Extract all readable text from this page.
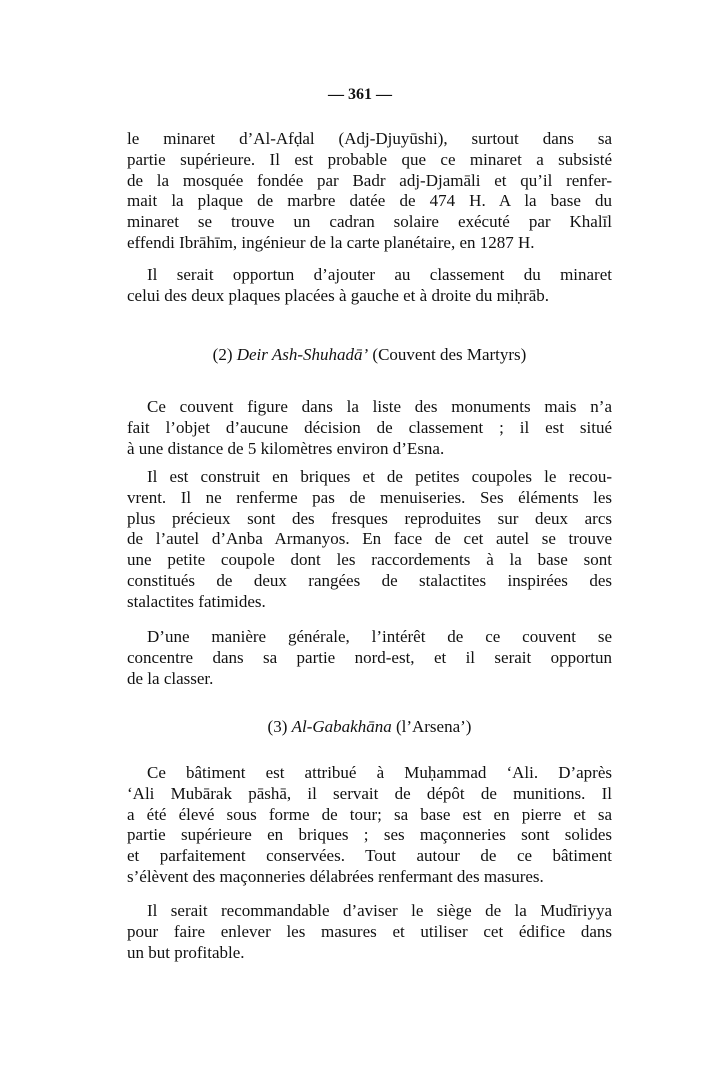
— 361 —
le minaret d’Al-Afḍal (Adj-Djuyūshi), surtout dans sa
partie supérieure. Il est probable que ce minaret a subsisté
de la mosquée fondée par Badr adj-Djamāli et qu’il renfer-
mait la plaque de marbre datée de 474 H. A la base du
minaret se trouve un cadran solaire exécuté par Khalīl
effendi Ibrāhīm, ingénieur de la carte planétaire, en 1287 H.
Il serait opportun d’ajouter au classement du minaret
celui des deux plaques placées à gauche et à droite du miḥrāb.
(2) Deir Ash-Shuhadā’ (Couvent des Martyrs)
Ce couvent figure dans la liste des monuments mais n’a
fait l’objet d’aucune décision de classement ; il est situé
à une distance de 5 kilomètres environ d’Esna.
Il est construit en briques et de petites coupoles le recou-
vrent. Il ne renferme pas de menuiseries. Ses éléments les
plus précieux sont des fresques reproduites sur deux arcs
de l’autel d’Anba Armanyos. En face de cet autel se trouve
une petite coupole dont les raccordements à la base sont
constitués de deux rangées de stalactites inspirées des
stalactites fatimides.
D’une manière générale, l’intérêt de ce couvent se
concentre dans sa partie nord-est, et il serait opportun
de la classer.
(3) Al-Gabakhāna (l’Arsena’)
Ce bâtiment est attribué à Muḥammad ‘Ali. D’après
‘Ali Mubārak pāshā, il servait de dépôt de munitions. Il
a été élevé sous forme de tour; sa base est en pierre et sa
partie supérieure en briques ; ses maçonneries sont solides
et parfaitement conservées. Tout autour de ce bâtiment
s’élèvent des maçonneries délabrées renfermant des masures.
Il serait recommandable d’aviser le siège de la Mudīriyya
pour faire enlever les masures et utiliser cet édifice dans
un but profitable.
